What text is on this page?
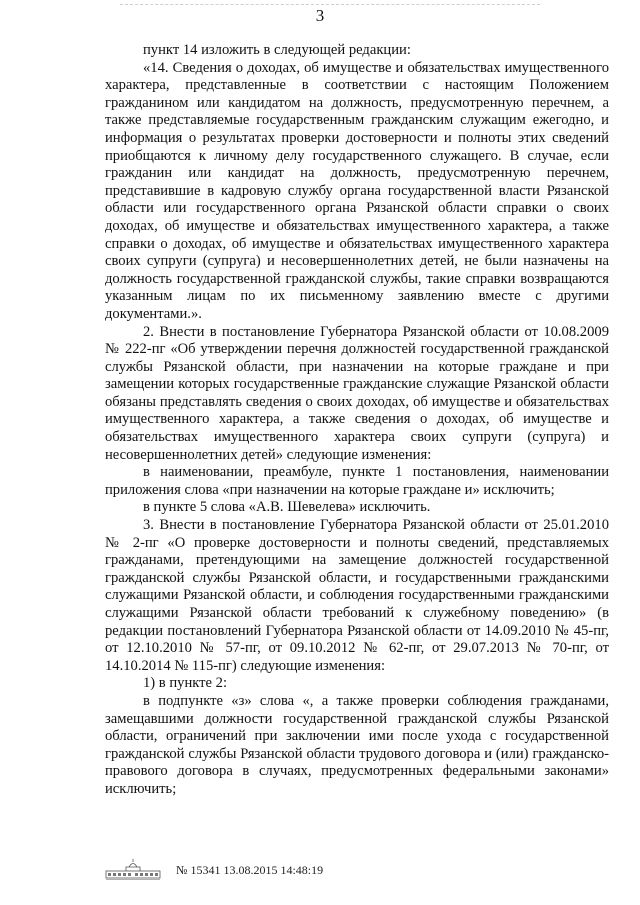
3

пункт 14 изложить в следующей редакции:

«14. Сведения о доходах, об имуществе и обязательствах имущественного характера, представленные в соответствии с настоящим Положением гражданином или кандидатом на должность, предусмотренную перечнем, а также представляемые государственным гражданским служащим ежегодно, и информация о результатах проверки достоверности и полноты этих сведений приобщаются к личному делу государственного служащего. В случае, если гражданин или кандидат на должность, предусмотренную перечнем, представившие в кадровую службу органа государственной власти Рязанской области или государственного органа Рязанской области справки о своих доходах, об имуществе и обязательствах имущественного характера, а также справки о доходах, об имуществе и обязательствах имущественного характера своих супруги (супруга) и несовершеннолетних детей, не были назначены на должность государственной гражданской службы, такие справки возвращаются указанным лицам по их письменному заявлению вместе с другими документами.».

2. Внести в постановление Губернатора Рязанской области от 10.08.2009 № 222-пг «Об утверждении перечня должностей государственной гражданской службы Рязанской области, при назначении на которые граждане и при замещении которых государственные гражданские служащие Рязанской области обязаны представлять сведения о своих доходах, об имуществе и обязательствах имущественного характера, а также сведения о доходах, об имуществе и обязательствах имущественного характера своих супруги (супруга) и несовершеннолетних детей» следующие изменения:

в наименовании, преамбуле, пункте 1 постановления, наименовании приложения слова «при назначении на которые граждане и» исключить;

в пункте 5 слова «А.В. Шевелева» исключить.

3. Внести в постановление Губернатора Рязанской области от 25.01.2010 № 2-пг «О проверке достоверности и полноты сведений, представляемых гражданами, претендующими на замещение должностей государственной гражданской службы Рязанской области, и государственными гражданскими служащими Рязанской области, и соблюдения государственными гражданскими служащими Рязанской области требований к служебному поведению» (в редакции постановлений Губернатора Рязанской области от 14.09.2010 № 45-пг, от 12.10.2010 № 57-пг, от 09.10.2012 № 62-пг, от 29.07.2013 № 70-пг, от 14.10.2014 № 115-пг) следующие изменения:

1) в пункте 2:

в подпункте «з» слова «, а также проверки соблюдения гражданами, замещавшими должности государственной гражданской службы Рязанской области, ограничений при заключении ими после ухода с государственной гражданской службы Рязанской области трудового договора и (или) гражданско-правового договора в случаях, предусмотренных федеральными законами» исключить;

№ 15341 13.08.2015 14:48:19
